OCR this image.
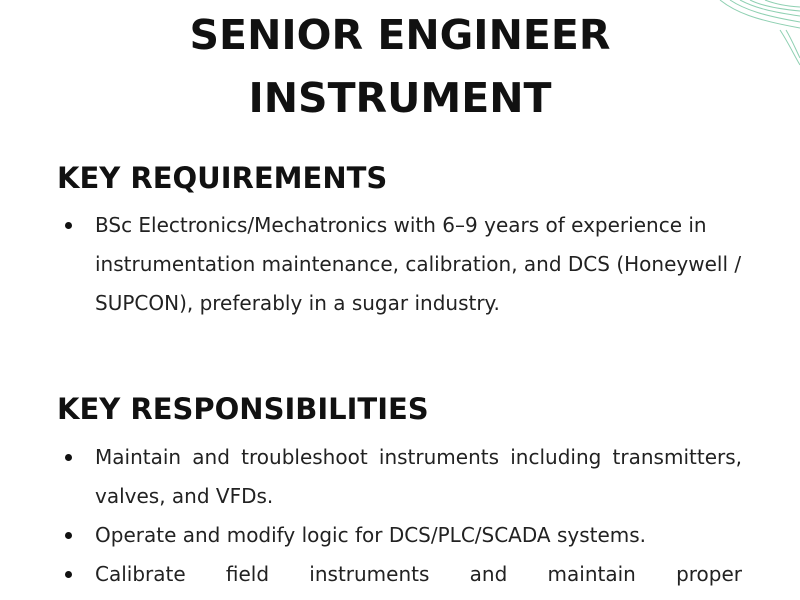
SENIOR ENGINEER
INSTRUMENT
KEY REQUIREMENTS
BSc Electronics/Mechatronics with 6–9 years of experience in instrumentation maintenance, calibration, and DCS (Honeywell / SUPCON), preferably in a sugar industry.
KEY RESPONSIBILITIES
Maintain and troubleshoot instruments including transmitters, valves, and VFDs.
Operate and modify logic for DCS/PLC/SCADA systems.
Calibrate field instruments and maintain proper
